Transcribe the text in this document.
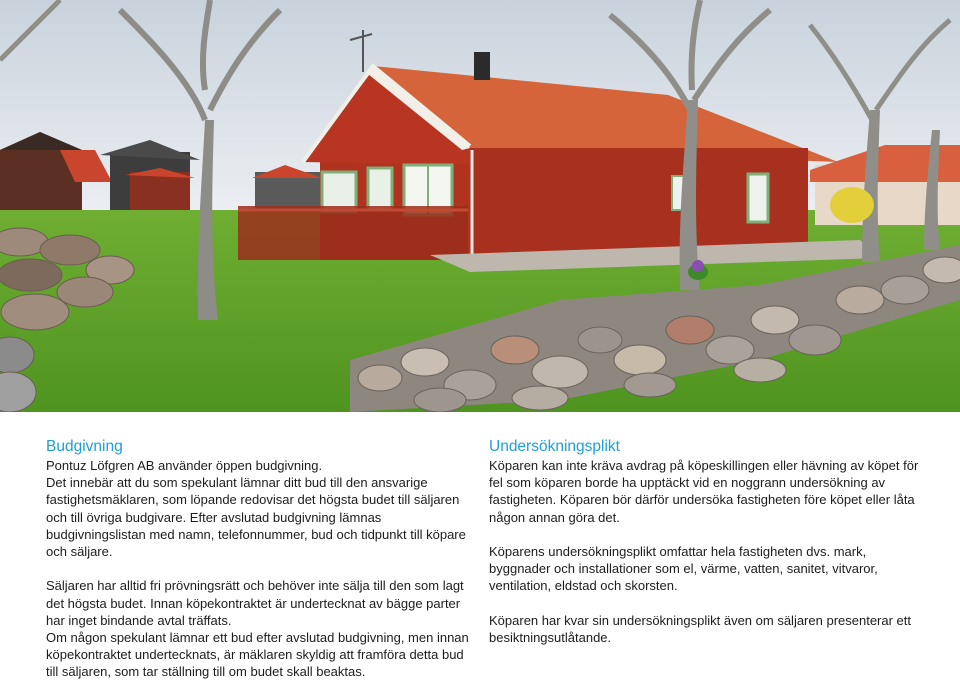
Budgivning

Pontuz Löfgren AB använder öppen budgivning.

Det innebär att du som spekulant lämnar ditt bud till den ansvarige fastighetsmäklaren, som löpande redovisar det högsta budet till säljaren och till övriga budgivare. Efter avslutad budgivning lämnas budgivningslistan med namn, telefonnummer, bud och tidpunkt till köpare och säljare.

Säljaren har alltid fri prövningsrätt och behöver inte sälja till den som lagt det högsta budet. Innan köpekontraktet är undertecknat av bägge parter har inget bindande avtal träffats.

Om någon spekulant lämnar ett bud efter avslutad budgivning, men innan köpekontraktet undertecknats, är mäklaren skyldig att framföra detta bud till säljaren, som tar ställning till om budet skall beaktas.

Undersökningsplikt

Köparen kan inte kräva avdrag på köpeskillingen eller hävning av köpet för fel som köparen borde ha upptäckt vid en noggrann undersökning av fastigheten. Köparen bör därför undersöka fastigheten före köpet eller låta någon annan göra det.

Köparens undersökningsplikt omfattar hela fastigheten dvs. mark, byggnader och installationer som el, värme, vatten, sanitet, vitvaror, ventilation, eldstad och skorsten.

Köparen har kvar sin undersökningsplikt även om säljaren presenterar ett besiktningsutlåtande.
